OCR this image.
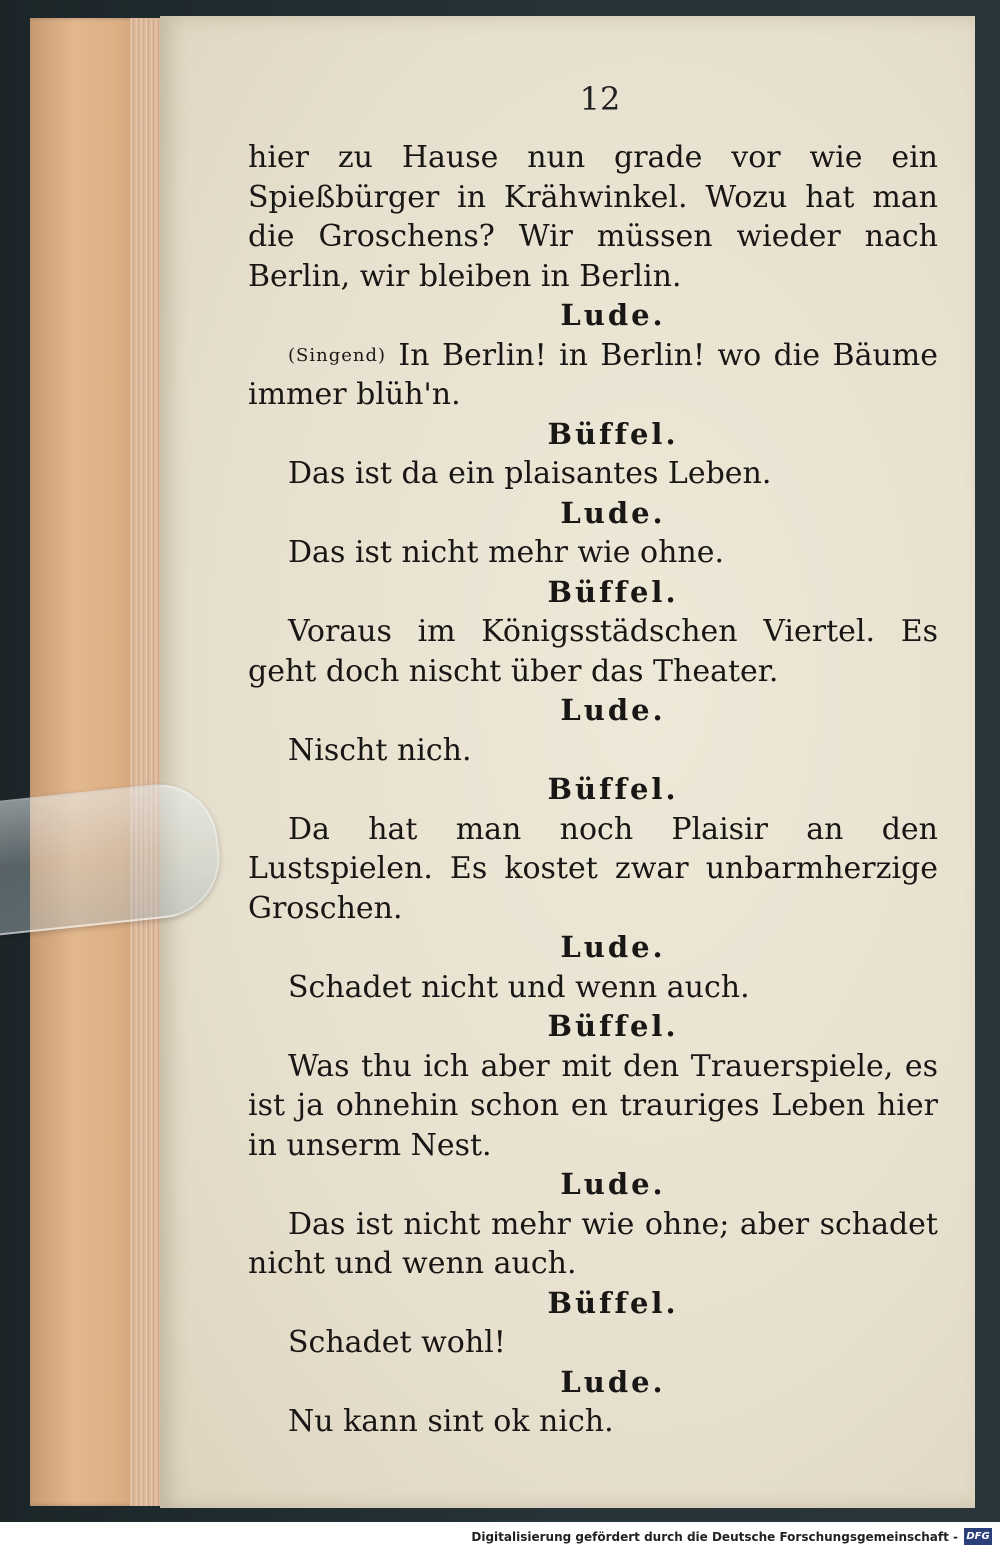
12
hier zu Hause nun grade vor wie ein Spießbürger in Krähwinkel. Wozu hat man die Groschens? Wir müssen wieder nach Berlin, wir bleiben in Berlin.
Lude.
(Singend) In Berlin! in Berlin! wo die Bäume immer blüh'n.
Büffel.
Das ist da ein plaisantes Leben.
Lude.
Das ist nicht mehr wie ohne.
Büffel.
Voraus im Königsstädschen Viertel. Es geht doch nischt über das Theater.
Lude.
Nischt nich.
Büffel.
Da hat man noch Plaisir an den Lustspielen. Es kostet zwar unbarmherzige Groschen.
Lude.
Schadet nicht und wenn auch.
Büffel.
Was thu ich aber mit den Trauerspiele, es ist ja ohnehin schon en trauriges Leben hier in unserm Nest.
Lude.
Das ist nicht mehr wie ohne; aber schadet nicht und wenn auch.
Büffel.
Schadet wohl!
Lude.
Nu kann sint ok nich.
Digitalisierung gefördert durch die Deutsche Forschungsgemeinschaft - DFG
